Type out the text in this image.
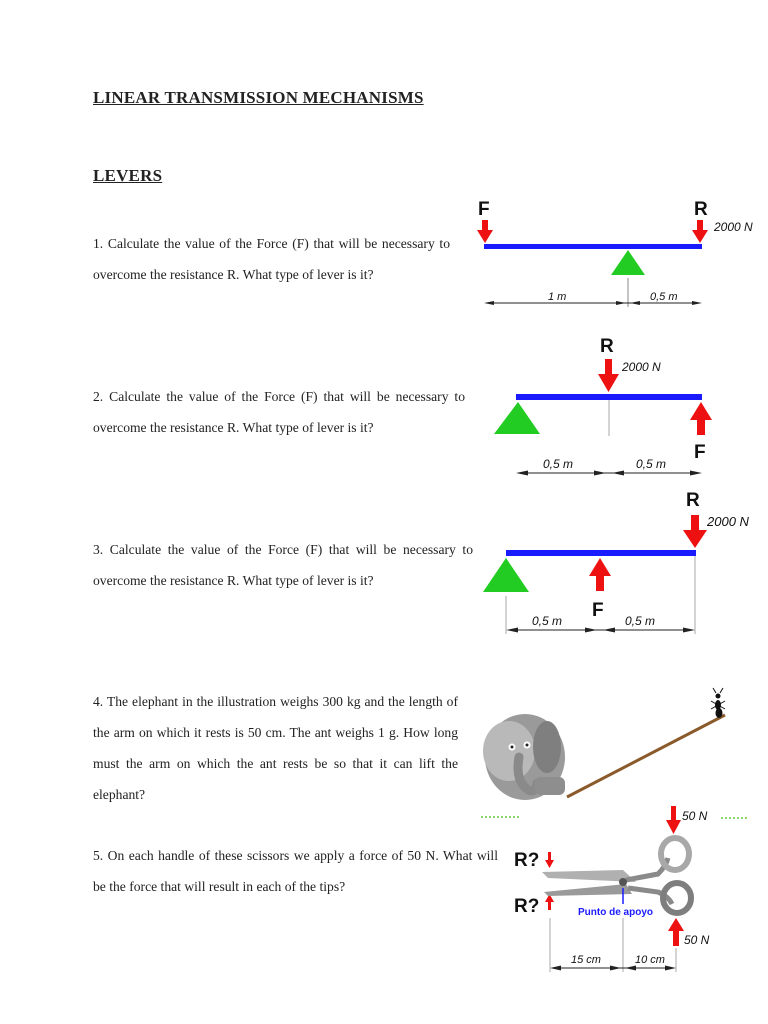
LINEAR TRANSMISSION MECHANISMS
LEVERS
1. Calculate the value of the Force (F) that will be necessary to overcome the resistance R. What type of lever is it?
2. Calculate the value of the Force (F) that will be necessary to overcome the resistance R. What type of lever is it?
3. Calculate the value of the Force (F) that will be necessary to overcome the resistance R. What type of lever is it?
4. The elephant in the illustration weighs 300 kg and the length of the arm on which it rests is 50 cm. The ant weighs 1 g. How long must the arm on which the ant rests be so that it can lift the elephant?
5. On each handle of these scissors we apply a force of 50 N. What will be the force that will result in each of the tips?
F	R
2000 N
1 m	0,5 m
R
2000 N
F
0,5 m	0,5 m
R
2000 N
F
0,5 m	0,5 m
50 N
R?
R?	Punto de apoyo
50 N
15 cm	10 cm
